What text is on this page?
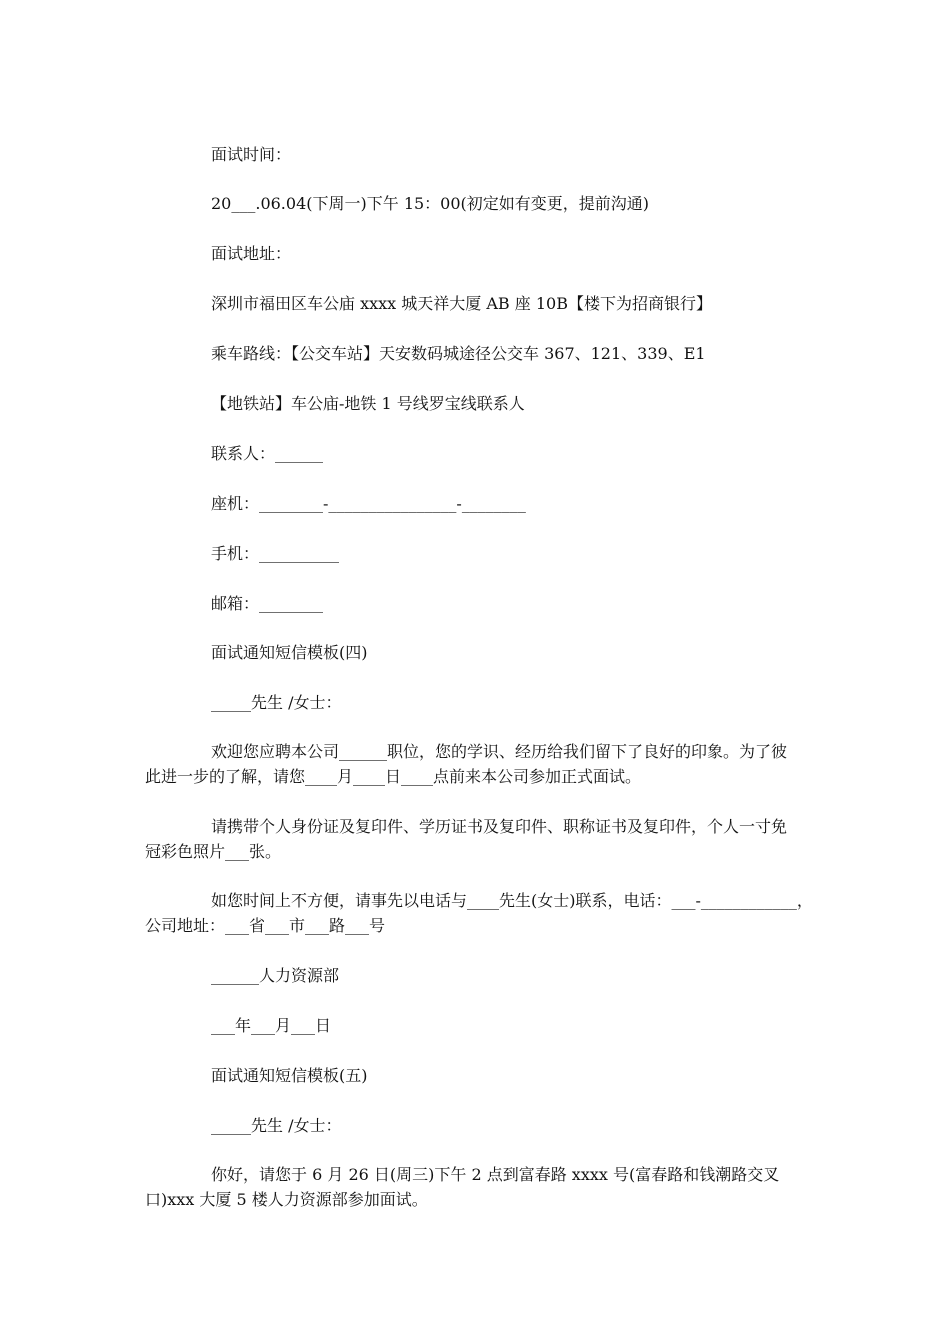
面试时间：
20___.06.04(下周一)下午 15：00(初定如有变更，提前沟通)
面试地址：
深圳市福田区车公庙 xxxx 城天祥大厦 AB 座 10B【楼下为招商银行】
乘车路线：【公交车站】天安数码城途径公交车 367、121、339、E1
【地铁站】车公庙-地铁 1 号线罗宝线联系人
联系人：______
座机：________-________________-________
手机：__________
邮箱：________
面试通知短信模板(四)
_____先生 /女士：
欢迎您应聘本公司______职位，您的学识、经历给我们留下了良好的印象。为了彼
此进一步的了解，请您____月____日____点前来本公司参加正式面试。
请携带个人身份证及复印件、学历证书及复印件、职称证书及复印件，个人一寸免
冠彩色照片___张。
如您时间上不方便，请事先以电话与____先生(女士)联系，电话：___-____________，
公司地址：___省___市___路___号
______人力资源部
___年___月___日
面试通知短信模板(五)
_____先生 /女士：
你好，请您于 6 月 26 日(周三)下午 2 点到富春路 xxxx 号(富春路和钱潮路交叉
口)xxx 大厦 5 楼人力资源部参加面试。
